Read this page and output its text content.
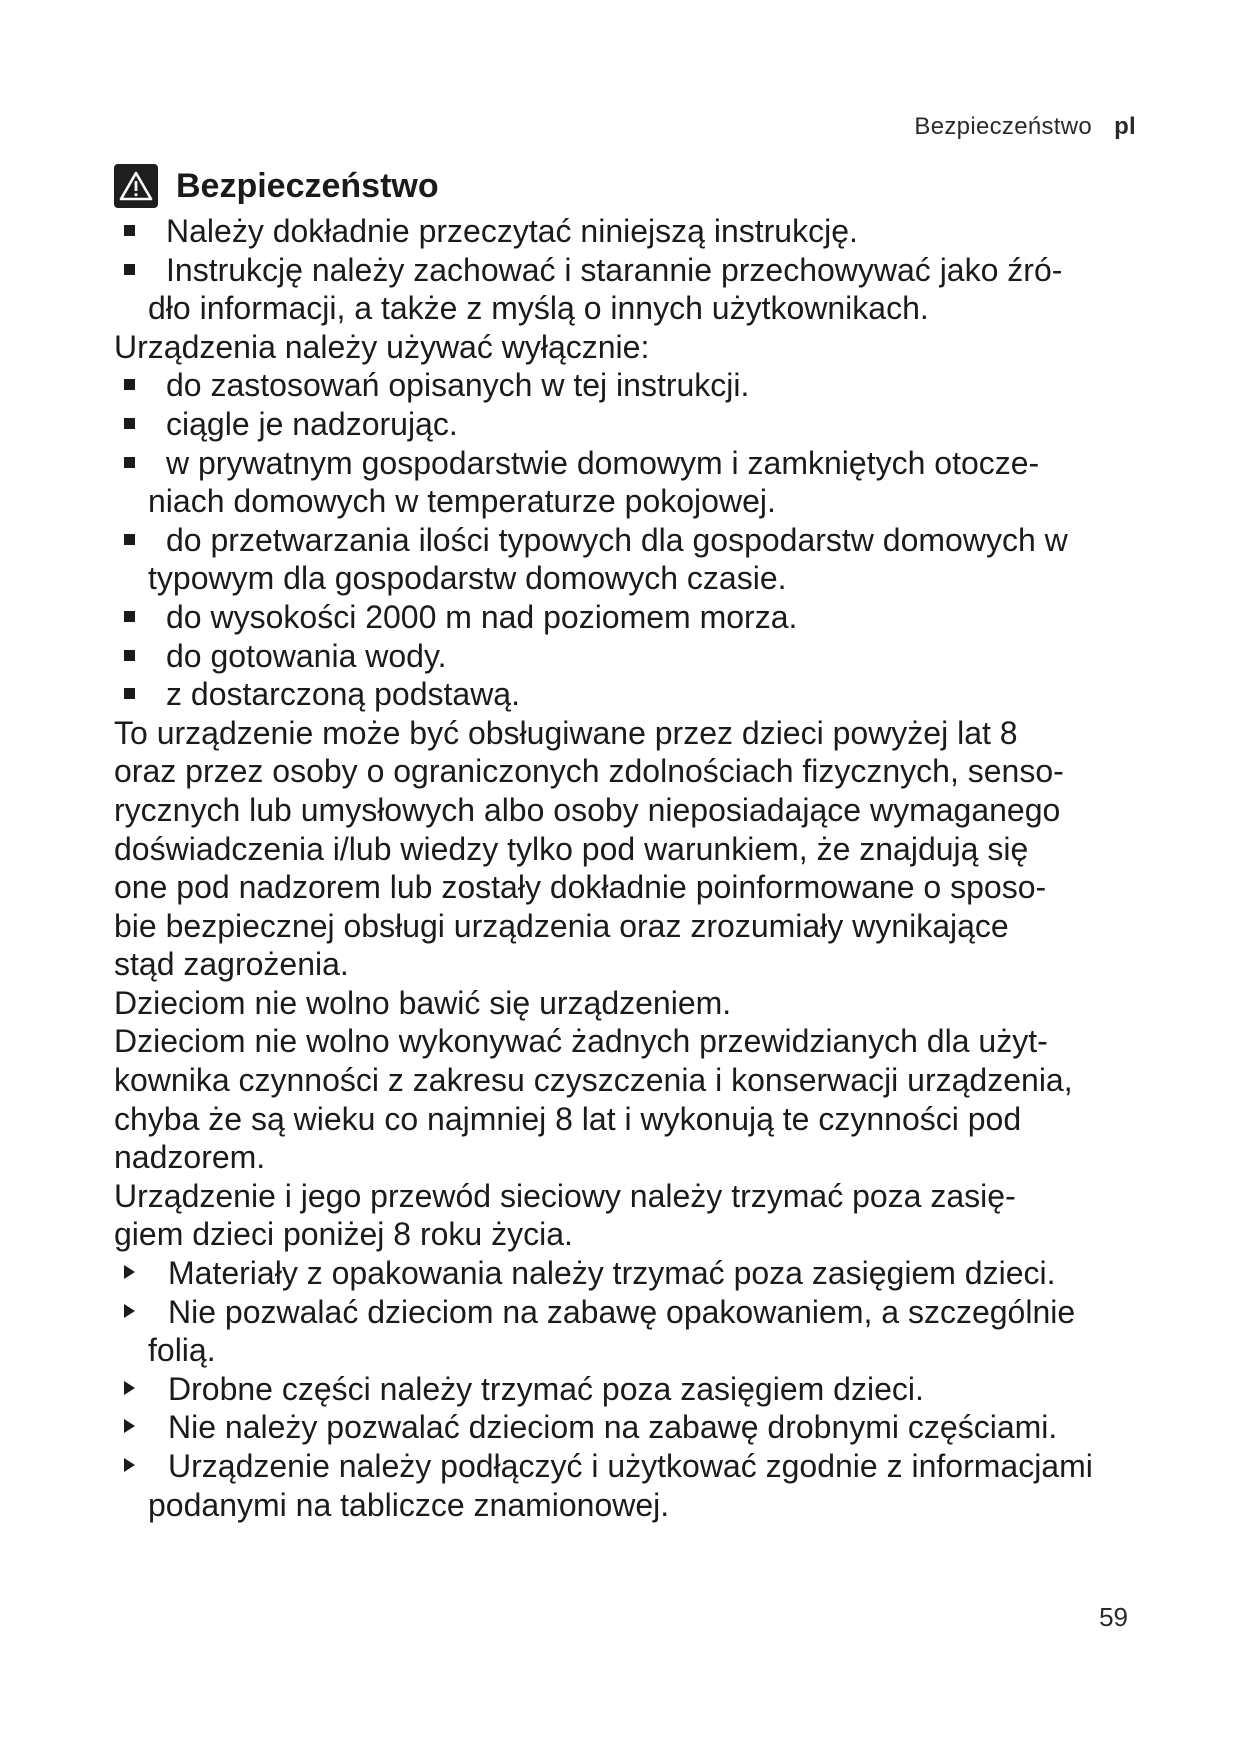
Bezpieczeństwo pl
Bezpieczeństwo
Należy dokładnie przeczytać niniejszą instrukcję.
Instrukcję należy zachować i starannie przechowywać jako źró-
dło informacji, a także z myślą o innych użytkownikach.
Urządzenia należy używać wyłącznie:
do zastosowań opisanych w tej instrukcji.
ciągle je nadzorując.
w prywatnym gospodarstwie domowym i zamkniętych otocze-
niach domowych w temperaturze pokojowej.
do przetwarzania ilości typowych dla gospodarstw domowych w
typowym dla gospodarstw domowych czasie.
do wysokości 2000 m nad poziomem morza.
do gotowania wody.
z dostarczoną podstawą.
To urządzenie może być obsługiwane przez dzieci powyżej lat 8
oraz przez osoby o ograniczonych zdolnościach fizycznych, senso-
rycznych lub umysłowych albo osoby nieposiadające wymaganego
doświadczenia i/lub wiedzy tylko pod warunkiem, że znajdują się
one pod nadzorem lub zostały dokładnie poinformowane o sposo-
bie bezpiecznej obsługi urządzenia oraz zrozumiały wynikające
stąd zagrożenia.
Dzieciom nie wolno bawić się urządzeniem.
Dzieciom nie wolno wykonywać żadnych przewidzianych dla użyt-
kownika czynności z zakresu czyszczenia i konserwacji urządzenia,
chyba że są wieku co najmniej 8 lat i wykonują te czynności pod
nadzorem.
Urządzenie i jego przewód sieciowy należy trzymać poza zasię-
giem dzieci poniżej 8 roku życia.
Materiały z opakowania należy trzymać poza zasięgiem dzieci.
Nie pozwalać dzieciom na zabawę opakowaniem, a szczególnie
folią.
Drobne części należy trzymać poza zasięgiem dzieci.
Nie należy pozwalać dzieciom na zabawę drobnymi częściami.
Urządzenie należy podłączyć i użytkować zgodnie z informacjami
podanymi na tabliczce znamionowej.
59
